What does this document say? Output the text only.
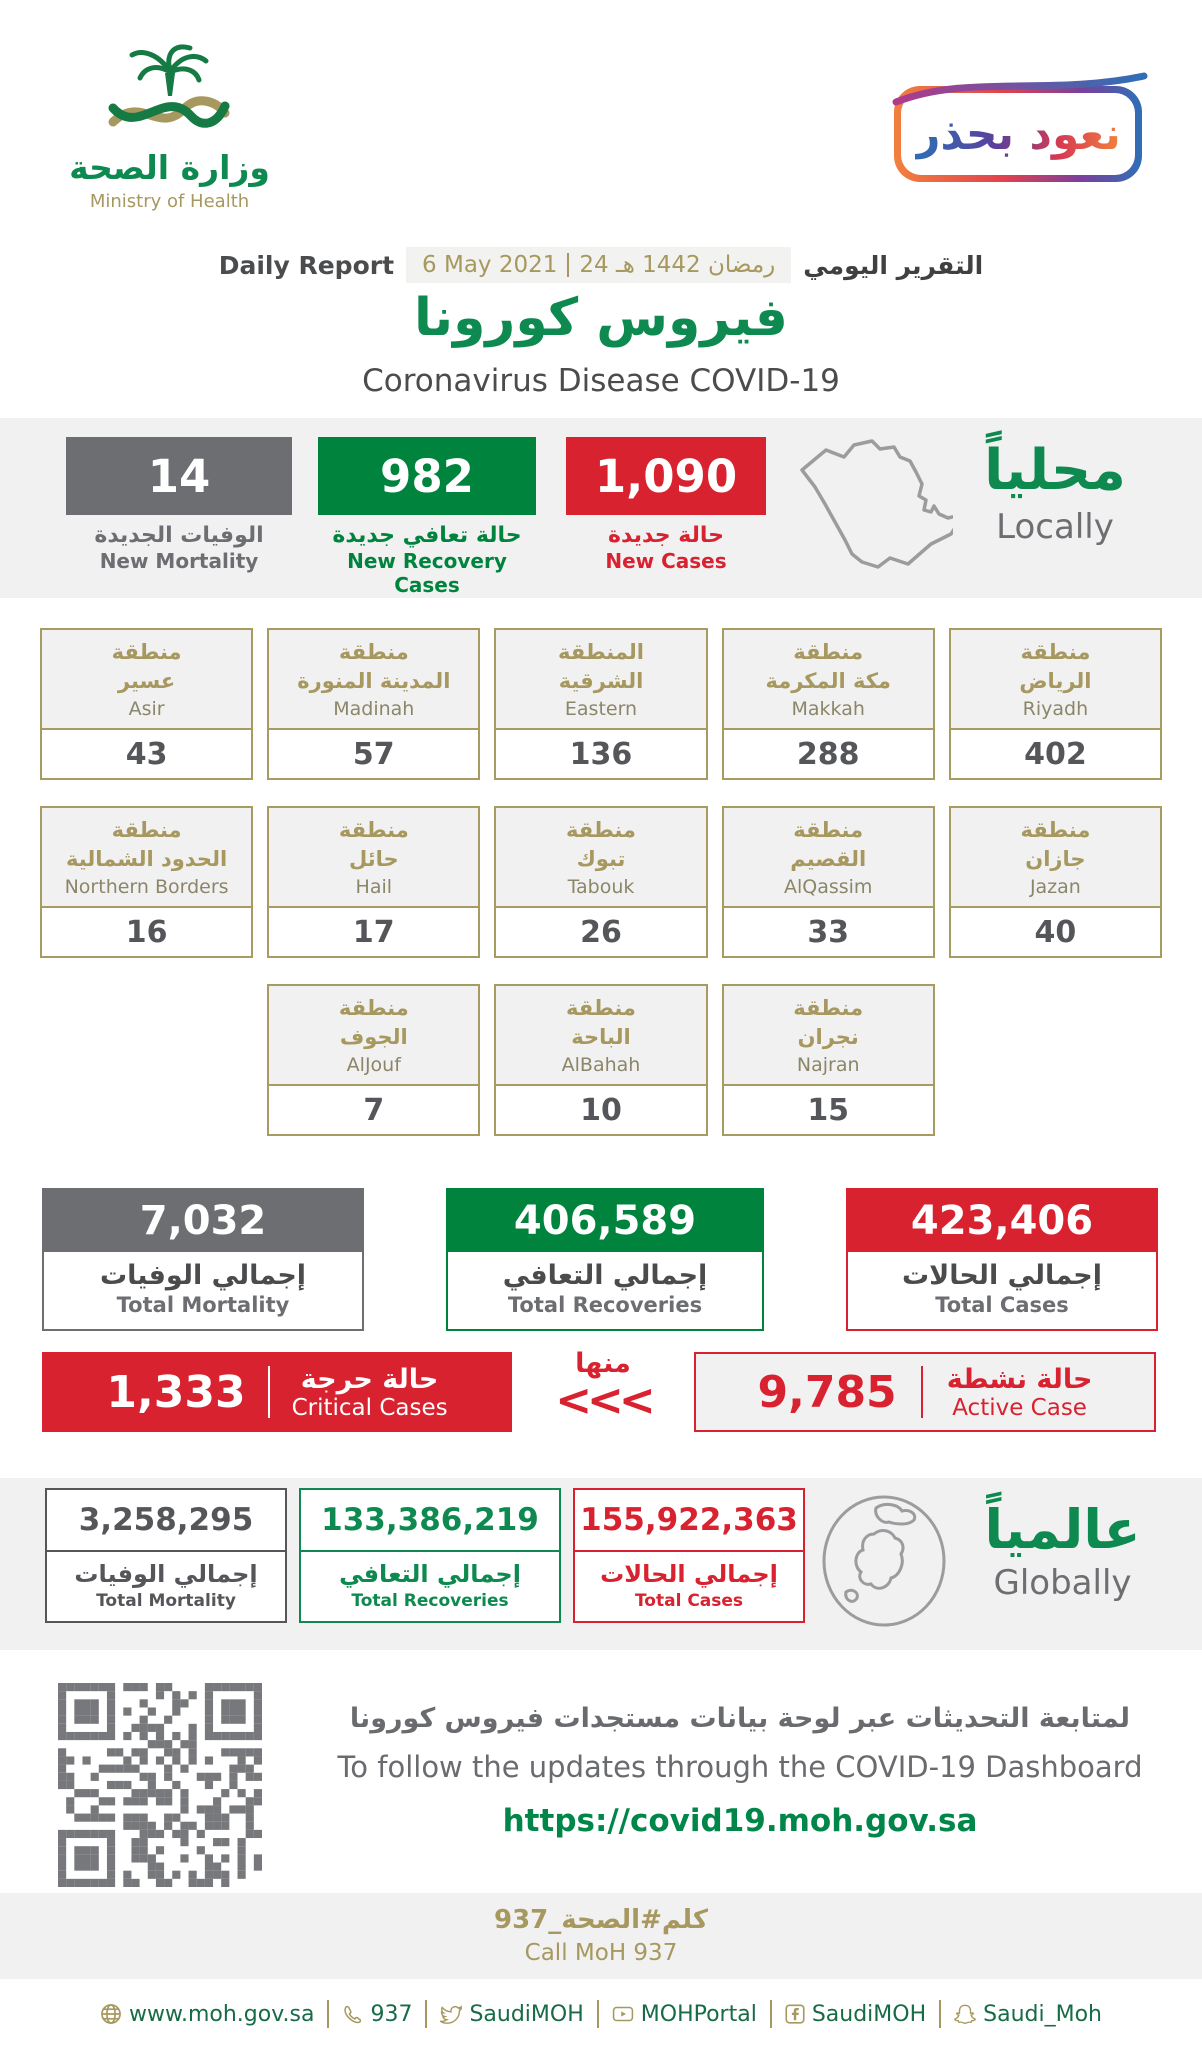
وزارة الصحة
Ministry of Health
نعود بحذر
Daily Report 6 May 2021 24 رمضان 1442 هـ التقرير اليومي
فيروس كورونا
Coronavirus Disease COVID-19
14
الوفيات الجديدة
New Mortality
982
حالة تعافي جديدة
New Recovery Cases
1,090
حالة جديدة
New Cases
محلياً
Locally
منطقة
عسير
Asir
43
منطقة
المدينة المنورة
Madinah
57
المنطقة
الشرقية
Eastern
136
منطقة
مكة المكرمة
Makkah
288
منطقة
الرياض
Riyadh
402
منطقة
الحدود الشمالية
Northern Borders
16
منطقة
حائل
Hail
17
منطقة
تبوك
Tabouk
26
منطقة
القصيم
AlQassim
33
منطقة
جازان
Jazan
40
منطقة
الجوف
AlJouf
7
منطقة
الباحة
AlBahah
10
منطقة
نجران
Najran
15
7,032
إجمالي الوفيات
Total Mortality
406,589
إجمالي التعافي
Total Recoveries
423,406
إجمالي الحالات
Total Cases
1,333	حالة حرجة
Critical Cases
منها
<<< 9,785 حالة نشطة
Active Case
3,258,295
إجمالي الوفيات
Total Mortality
133,386,219
إجمالي التعافي
Total Recoveries
155,922,363
إجمالي الحالات
Total Cases
عالمياً
Globally
لمتابعة التحديثات عبر لوحة بيانات مستجدات فيروس كورونا
To follow the updates through the COVID-19 Dashboard
https://covid19.moh.gov.sa
كلم#الصحة_937
Call MoH 937
www.moh.gov.sa	937	SaudiMOH	MOHPortal	SaudiMOH	Saudi_Moh
